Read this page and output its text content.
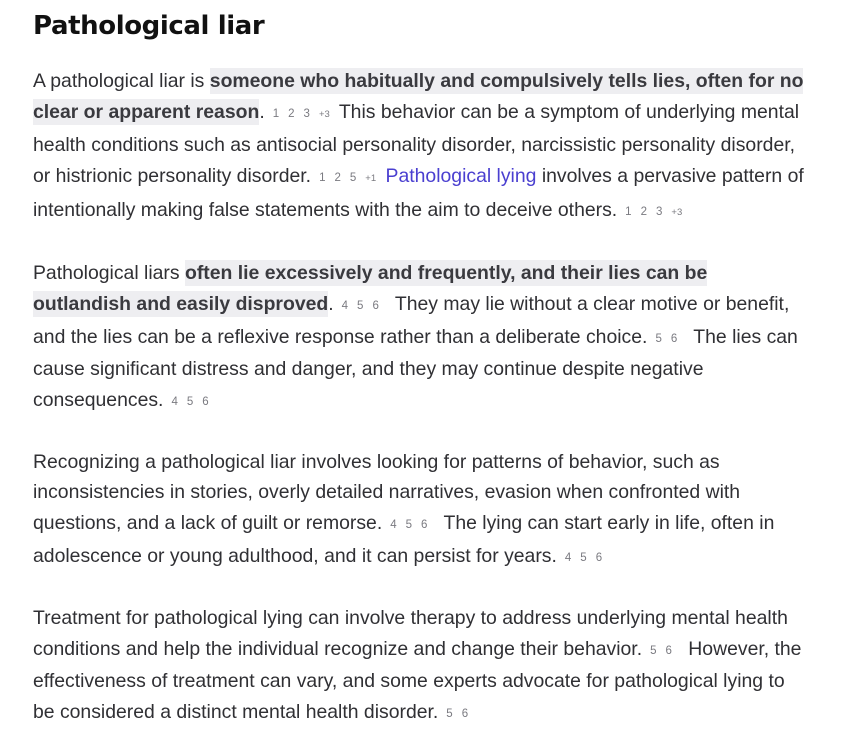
Pathological liar

A pathological liar is someone who habitually and compulsively tells lies, often for no clear or apparent reason. 1 2 3 +3 This behavior can be a symptom of underlying mental health conditions such as antisocial personality disorder, narcissistic personality disorder, or histrionic personality disorder. 1 2 5 +1 Pathological lying involves a pervasive pattern of intentionally making false statements with the aim to deceive others. 1 2 3 +3

Pathological liars often lie excessively and frequently, and their lies can be outlandish and easily disproved. 4 5 6 They may lie without a clear motive or benefit, and the lies can be a reflexive response rather than a deliberate choice. 5 6 The lies can cause significant distress and danger, and they may continue despite negative consequences. 4 5 6

Recognizing a pathological liar involves looking for patterns of behavior, such as inconsistencies in stories, overly detailed narratives, evasion when confronted with questions, and a lack of guilt or remorse. 4 5 6 The lying can start early in life, often in adolescence or young adulthood, and it can persist for years. 4 5 6

Treatment for pathological lying can involve therapy to address underlying mental health conditions and help the individual recognize and change their behavior. 5 6 However, the effectiveness of treatment can vary, and some experts advocate for pathological lying to be considered a distinct mental health disorder. 5 6
